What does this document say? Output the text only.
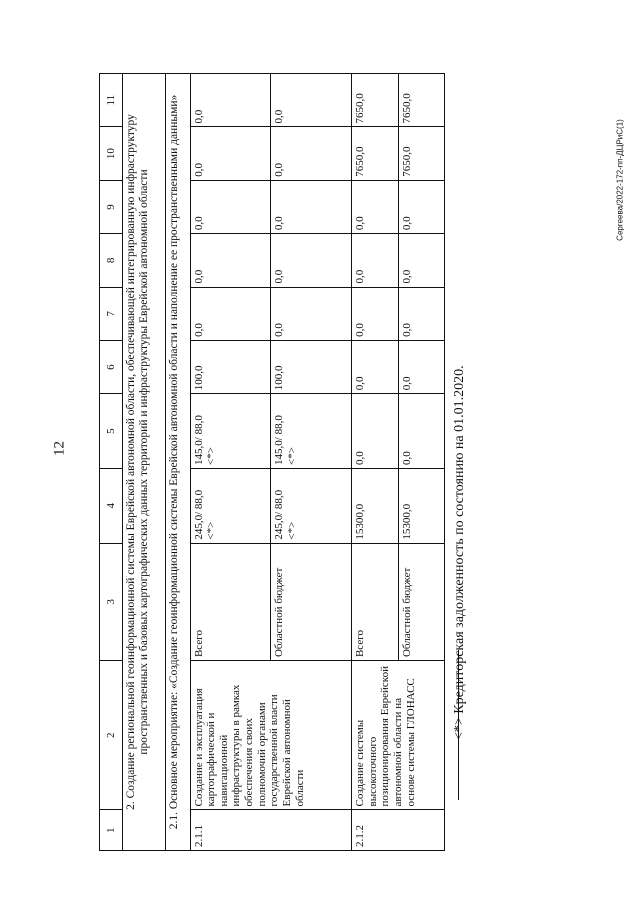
12
Сергеева/2022-172-пп-ДЦРиС(1)
1	2	3	4	5	6	7	8	9	10	11
2. Создание региональной геоинформационной системы Еврейской автономной области, обеспечивающей интегрированную инфраструктуру пространственных и базовых картографических данных территорий и инфраструктуры Еврейской автономной области										
2.1. Основное мероприятие: «Создание геоинформационной системы Еврейской автономной области и наполнение ее пространственными данными»										
2.1.1	Создание и эксплуатация картографической и навигационной инфраструктуры в рамках обеспечения своих полномочий органами государственной власти Еврейской автономной области	Всего	245,0/ 88,0 <*>	145,0/ 88,0 <*>	100,0	0,0	0,0	0,0	0,0	0,0
		Областной бюджет	245,0/ 88,0 <*>	145,0/ 88,0 <*>	100,0	0,0	0,0	0,0	0,0	0,0
2.1.2	Создание системы высокоточного позиционирования Еврейской автономной области на основе системы ГЛОНАСС	Всего	15300,0	0,0	0,0	0,0	0,0	0,0	7650,0	7650,0
		Областной бюджет	15300,0	0,0	0,0	0,0	0,0	0,0	7650,0	7650,0
<*> Кредиторская задолженность по состоянию на 01.01.2020.
